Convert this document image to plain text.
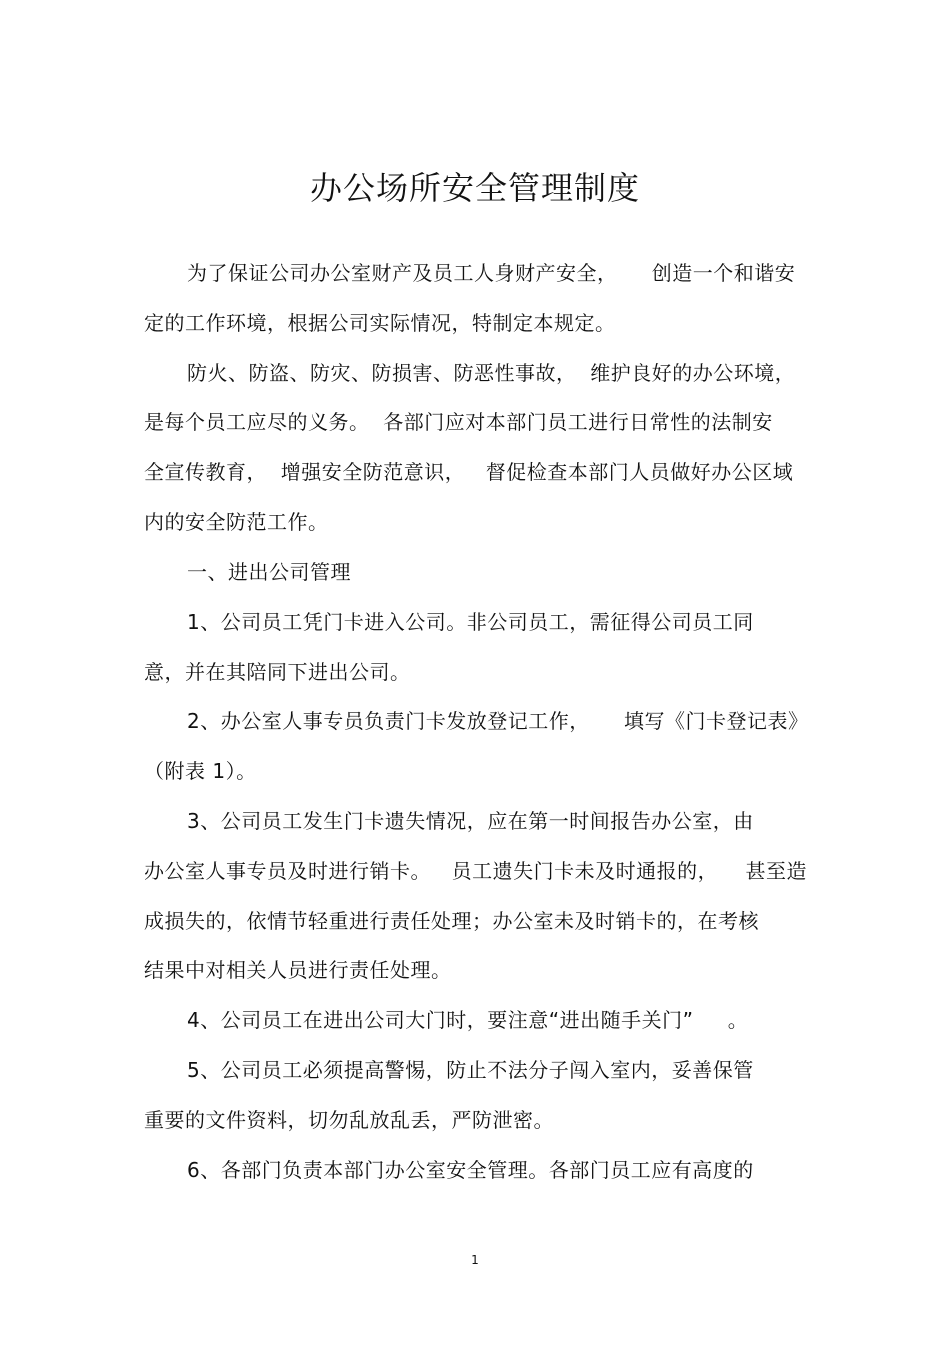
办公场所安全管理制度
为了保证公司办公室财产及员工人身财产安全，     创造一个和谐安
定的工作环境，根据公司实际情况，特制定本规定。
防火、防盗、防灾、防损害、防恶性事故，  维护良好的办公环境，
是每个员工应尽的义务。  各部门应对本部门员工进行日常性的法制安
全宣传教育，  增强安全防范意识，   督促检查本部门人员做好办公区域
内的安全防范工作。
一、进出公司管理
1、公司员工凭门卡进入公司。非公司员工，需征得公司员工同
意，并在其陪同下进出公司。
2、办公室人事专员负责门卡发放登记工作，     填写《门卡登记表》
（附表 1）。
3、公司员工发生门卡遗失情况，应在第一时间报告办公室，由
办公室人事专员及时进行销卡。   员工遗失门卡未及时通报的，    甚至造
成损失的，依情节轻重进行责任处理；办公室未及时销卡的，在考核
结果中对相关人员进行责任处理。
4、公司员工在进出公司大门时，要注意“进出随手关门”     。
5、公司员工必须提高警惕，防止不法分子闯入室内，妥善保管
重要的文件资料，切勿乱放乱丢，严防泄密。
6、各部门负责本部门办公室安全管理。各部门员工应有高度的
1
